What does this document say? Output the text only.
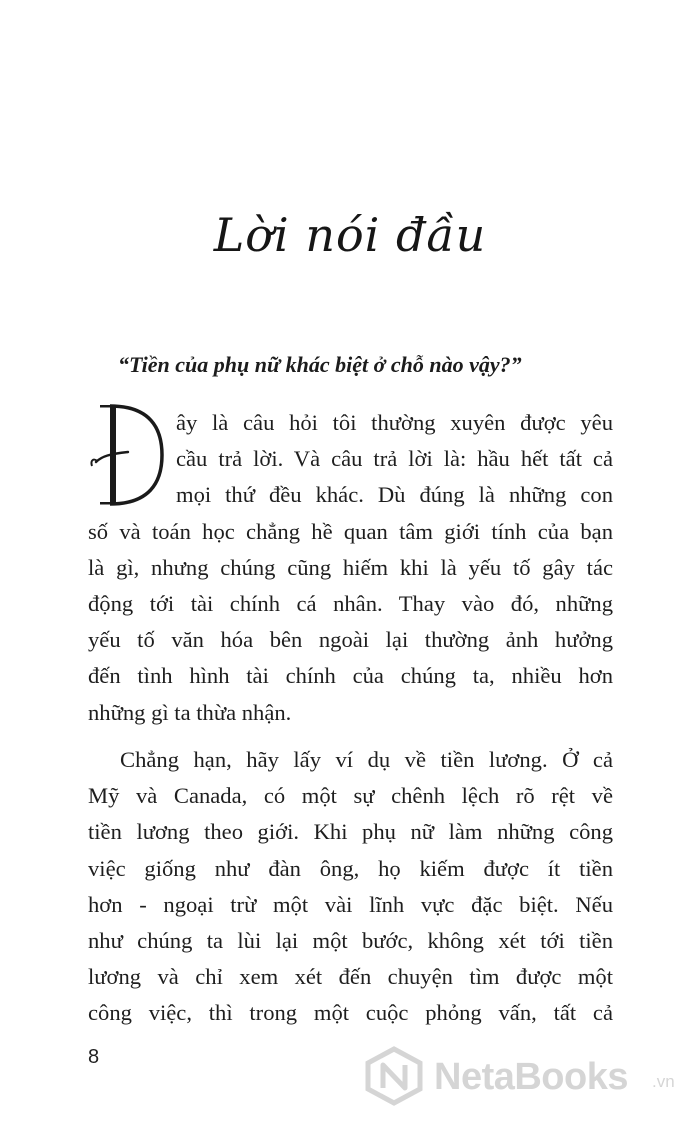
Lời nói đầu
“Tiền của phụ nữ khác biệt ở chỗ nào vậy?”
ây là câu hỏi tôi thường xuyên được yêu
cầu trả lời. Và câu trả lời là: hầu hết tất cả
mọi thứ đều khác. Dù đúng là những con
số và toán học chẳng hề quan tâm giới tính của bạn
là gì, nhưng chúng cũng hiếm khi là yếu tố gây tác
động tới tài chính cá nhân. Thay vào đó, những
yếu tố văn hóa bên ngoài lại thường ảnh hưởng
đến tình hình tài chính của chúng ta, nhiều hơn
những gì ta thừa nhận.
Chẳng hạn, hãy lấy ví dụ về tiền lương. Ở cả
Mỹ và Canada, có một sự chênh lệch rõ rệt về
tiền lương theo giới. Khi phụ nữ làm những công
việc giống như đàn ông, họ kiếm được ít tiền
hơn - ngoại trừ một vài lĩnh vực đặc biệt. Nếu
như chúng ta lùi lại một bước, không xét tới tiền
lương và chỉ xem xét đến chuyện tìm được một
công việc, thì trong một cuộc phỏng vấn, tất cả
8	NetaBooks .vn
